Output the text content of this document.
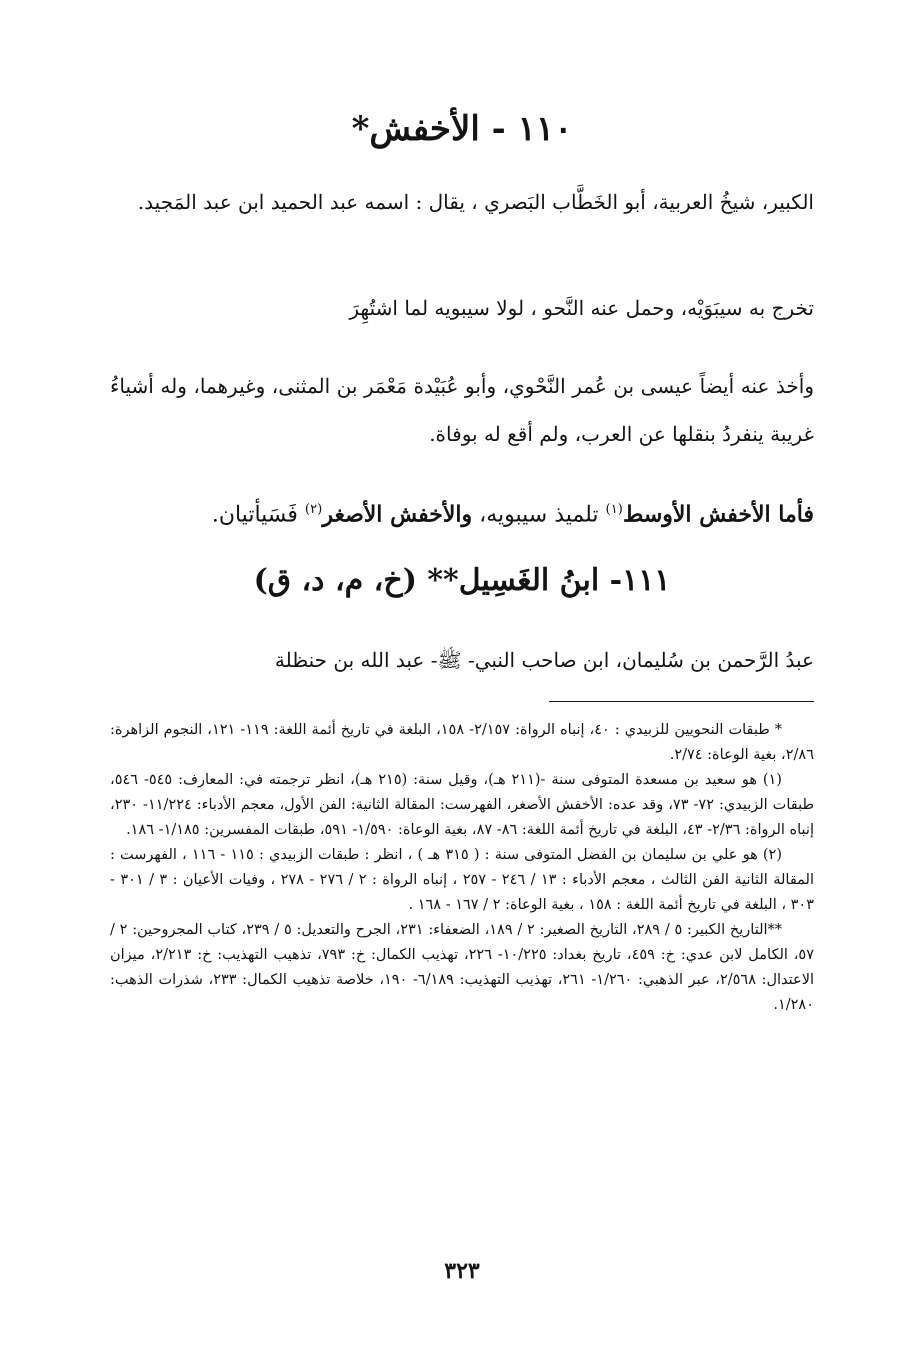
١١٠ - الأخفش*
الكبير، شيخُ العربية، أبو الخَطَّاب البَصري ، يقال : اسمه عبد الحميد ابن عبد المَجيد.
تخرج به سيبَوَيْه، وحمل عنه النَّحو ، لولا سيبويه لما اشتُهِرَ
وأخذ عنه أيضاً عيسى بن عُمر النَّحْوي، وأبو عُبَيْدة مَعْمَر بن المثنى، وغيرهما، وله أشياءُ غريبة ينفردُ بنقلها عن العرب، ولم أقع له بوفاة.
فأما الأخفش الأوسط$^{(١)}$ تلميذ سيبويه، والأخفش الأصغر$^{(٢)}$ فَسَيأتيان.
١١١- ابنُ الغَسِيل** (خ، م، د، ق)
عبدُ الرَّحمن بن سُليمان، ابن صاحب النبي- ﷺ- عبد الله بن حنظلة

* طبقات النحويين للزبيدي : ٤٠، إنباه الرواة: ٢/١٥٧- ١٥٨، البلغة في تاريخ أئمة اللغة: ١١٩- ١٢١، النجوم الزاهرة: ٢/٨٦، بغية الوعاة: ٢/٧٤.

(١) هو سعيد بن مسعدة المتوفى سنة -(٢١١ هـ)، وقيل سنة: (٢١٥ هـ)، انظر ترجمته في: المعارف: ٥٤٥- ٥٤٦، طبقات الزبيدي: ٧٢- ٧٣، وقد عده: الأخفش الأصغر، الفهرست: المقالة الثانية: الفن الأول، معجم الأدباء: ١١/٢٢٤- ٢٣٠، إنباه الرواة: ٢/٣٦- ٤٣، البلغة في تاريخ أئمة اللغة: ٨٦- ٨٧، بغية الوعاة: ١/٥٩٠- ٥٩١، طبقات المفسرين: ١/١٨٥- ١٨٦.

(٢) هو علي بن سليمان بن الفضل المتوفى سنة : ( ٣١٥ هـ ) ، انظر : طبقات الزبيدي : ١١٥ - ١١٦ ، الفهرست : المقالة الثانية الفن الثالث ، معجم الأدباء : ١٣ / ٢٤٦ - ٢٥٧ ، إنباه الرواة : ٢ / ٢٧٦ - ٢٧٨ ، وفيات الأعيان : ٣ / ٣٠١ - ٣٠٣ ، البلغة في تاريخ أئمة اللغة : ١٥٨ ، بغية الوعاة: ٢ / ١٦٧ - ١٦٨ .

**التاريخ الكبير: ٥ / ٢٨٩، التاريخ الصغير: ٢ / ١٨٩، الضعفاء: ٢٣١، الجرح والتعديل: ٥ / ٢٣٩، كتاب المجروحين: ٢ / ٥٧، الكامل لابن عدي: خ: ٤٥٩، تاريخ بغداد: ١٠/٢٢٥- ٢٢٦، تهذيب الكمال: خ: ٧٩٣، تذهيب التهذيب: خ: ٢/٢١٣، ميزان الاعتدال: ٢/٥٦٨، عبر الذهبي: ١/٢٦٠- ٢٦١، تهذيب التهذيب: ٦/١٨٩- ١٩٠، خلاصة تذهيب الكمال: ٢٣٣، شذرات الذهب: ١/٢٨٠.

٣٢٣
